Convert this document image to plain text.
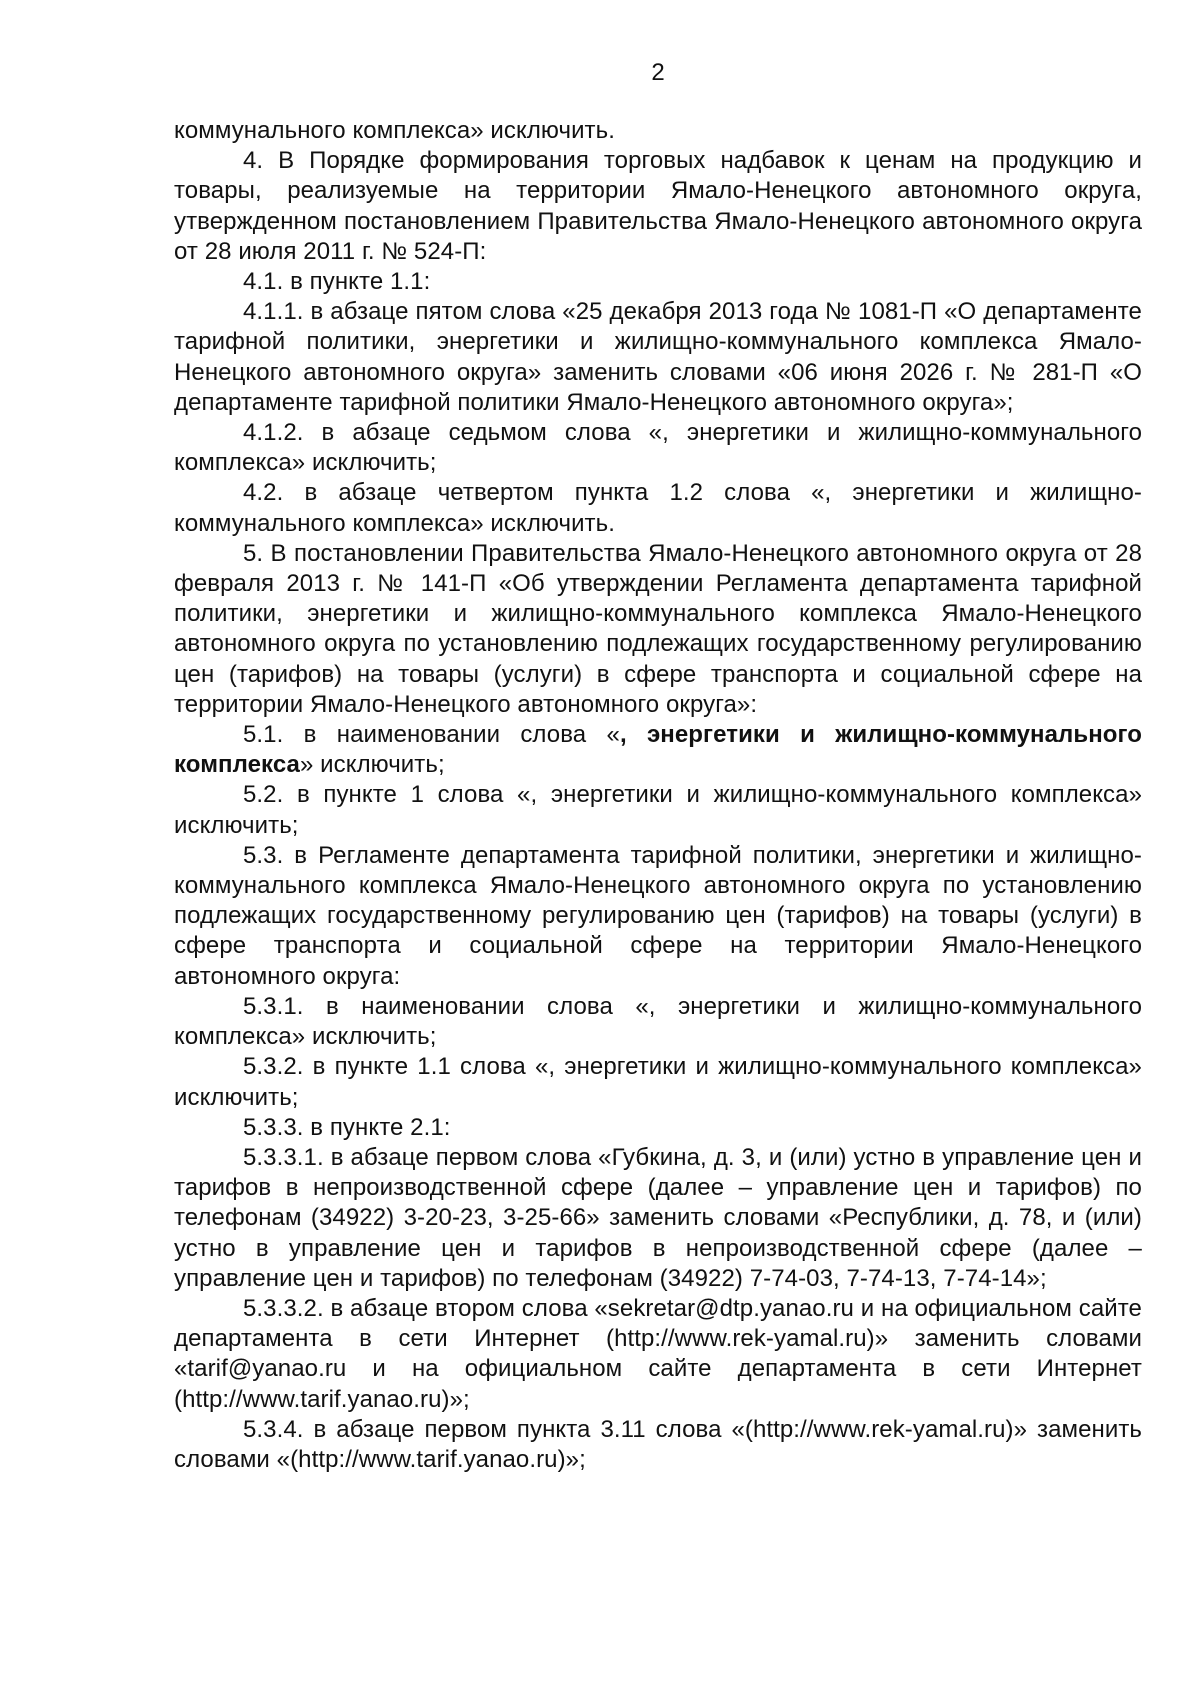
2

коммунального комплекса» исключить.

4. В Порядке формирования торговых надбавок к ценам на продукцию и товары, реализуемые на территории Ямало-Ненецкого автономного округа, утвержденном постановлением Правительства Ямало-Ненецкого автономного округа от 28 июля 2011 г. № 524-П:

4.1. в пункте 1.1:

4.1.1. в абзаце пятом слова «25 декабря 2013 года № 1081-П «О департаменте тарифной политики, энергетики и жилищно-коммунального комплекса Ямало-Ненецкого автономного округа» заменить словами «06 июня 2026 г. № 281-П «О департаменте тарифной политики Ямало-Ненецкого автономного округа»;

4.1.2. в абзаце седьмом слова «, энергетики и жилищно-коммунального комплекса» исключить;

4.2. в абзаце четвертом пункта 1.2 слова «, энергетики и жилищно-коммунального комплекса» исключить.

5. В постановлении Правительства Ямало-Ненецкого автономного округа от 28 февраля 2013 г. № 141-П «Об утверждении Регламента департамента тарифной политики, энергетики и жилищно-коммунального комплекса Ямало-Ненецкого автономного округа по установлению подлежащих государственному регулированию цен (тарифов) на товары (услуги) в сфере транспорта и социальной сфере на территории Ямало-Ненецкого автономного округа»:

5.1. в наименовании слова «, энергетики и жилищно-коммунального комплекса» исключить;

5.2. в пункте 1 слова «, энергетики и жилищно-коммунального комплекса» исключить;

5.3. в Регламенте департамента тарифной политики, энергетики и жилищно-коммунального комплекса Ямало-Ненецкого автономного округа по установлению подлежащих государственному регулированию цен (тарифов) на товары (услуги) в сфере транспорта и социальной сфере на территории Ямало-Ненецкого автономного округа:

5.3.1. в наименовании слова «, энергетики и жилищно-коммунального комплекса» исключить;

5.3.2. в пункте 1.1 слова «, энергетики и жилищно-коммунального комплекса» исключить;

5.3.3. в пункте 2.1:

5.3.3.1. в абзаце первом слова «Губкина, д. 3, и (или) устно в управление цен и тарифов в непроизводственной сфере (далее – управление цен и тарифов) по телефонам (34922) 3-20-23, 3-25-66» заменить словами «Республики, д. 78, и (или) устно в управление цен и тарифов в непроизводственной сфере (далее – управление цен и тарифов) по телефонам (34922) 7-74-03, 7-74-13, 7-74-14»;

5.3.3.2. в абзаце втором слова «sekretar@dtp.yanao.ru и на официальном сайте департамента в сети Интернет (http://www.rek-yamal.ru)» заменить словами «tarif@yanao.ru и на официальном сайте департамента в сети Интернет (http://www.tarif.yanao.ru)»;

5.3.4. в абзаце первом пункта 3.11 слова «(http://www.rek-yamal.ru)» заменить словами «(http://www.tarif.yanao.ru)»;
